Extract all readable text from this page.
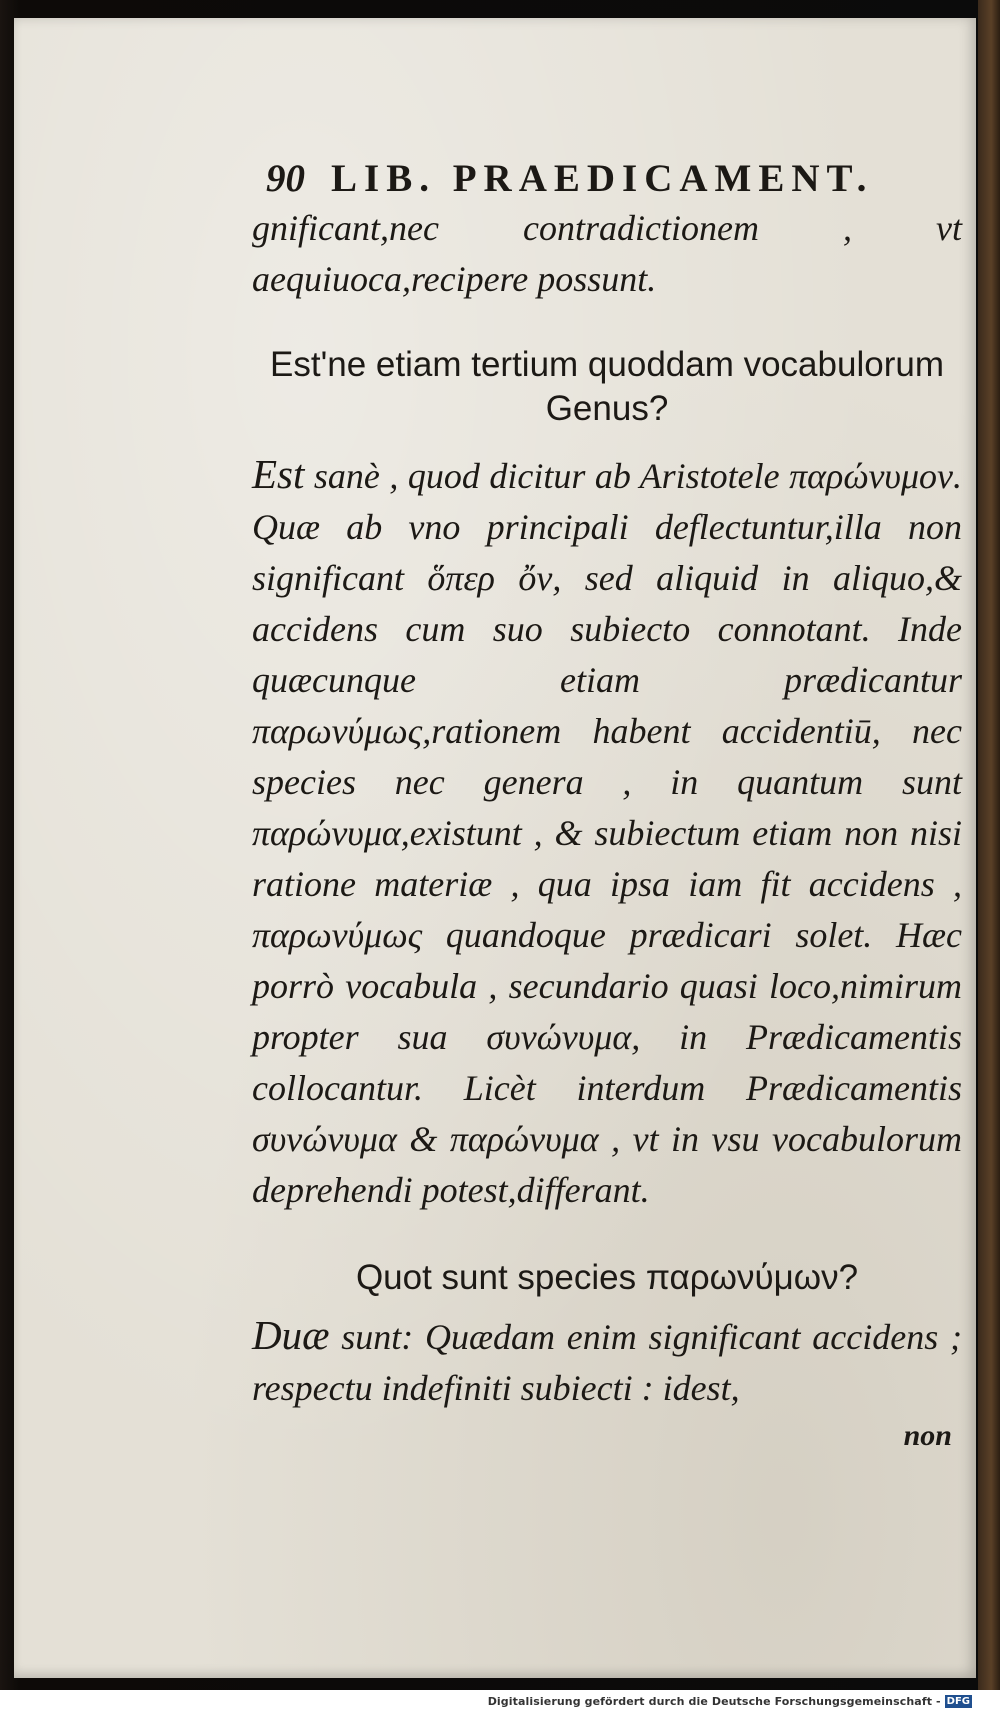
90 LIB. PRAEDICAMENT.

gnificant,nec contradictionem , vt aequiuoca,recipere possunt.

Est'ne etiam tertium quoddam vocabulorum Genus?

Est sanè , quod dicitur ab Aristotele παρώνυμον. Quæ ab vno principali deflectuntur,illa non significant ὅπερ ὄν, sed aliquid in aliquo,& accidens cum suo subiecto connotant. Inde quæcunque etiam prædicantur παρωνύμως,rationem habent accidentiū, nec species nec genera , in quantum sunt παρώνυμα,existunt , & subiectum etiam non nisi ratione materiæ , qua ipsa iam fit accidens , παρωνύμως quandoque prædicari solet. Hæc porrò vocabula , secundario quasi loco,nimirum propter sua συνώνυμα, in Prædicamentis collocantur. Licèt interdum Prædicamentis συνώνυμα & παρώνυμα , vt in vsu vocabulorum deprehendi potest,differant.

Quot sunt species παρωνύμων?

Duæ sunt: Quædam enim significant accidens ; respectu indefiniti subiecti : idest,

non
Digitalisierung gefördert durch die Deutsche Forschungsgemeinschaft - DFG
